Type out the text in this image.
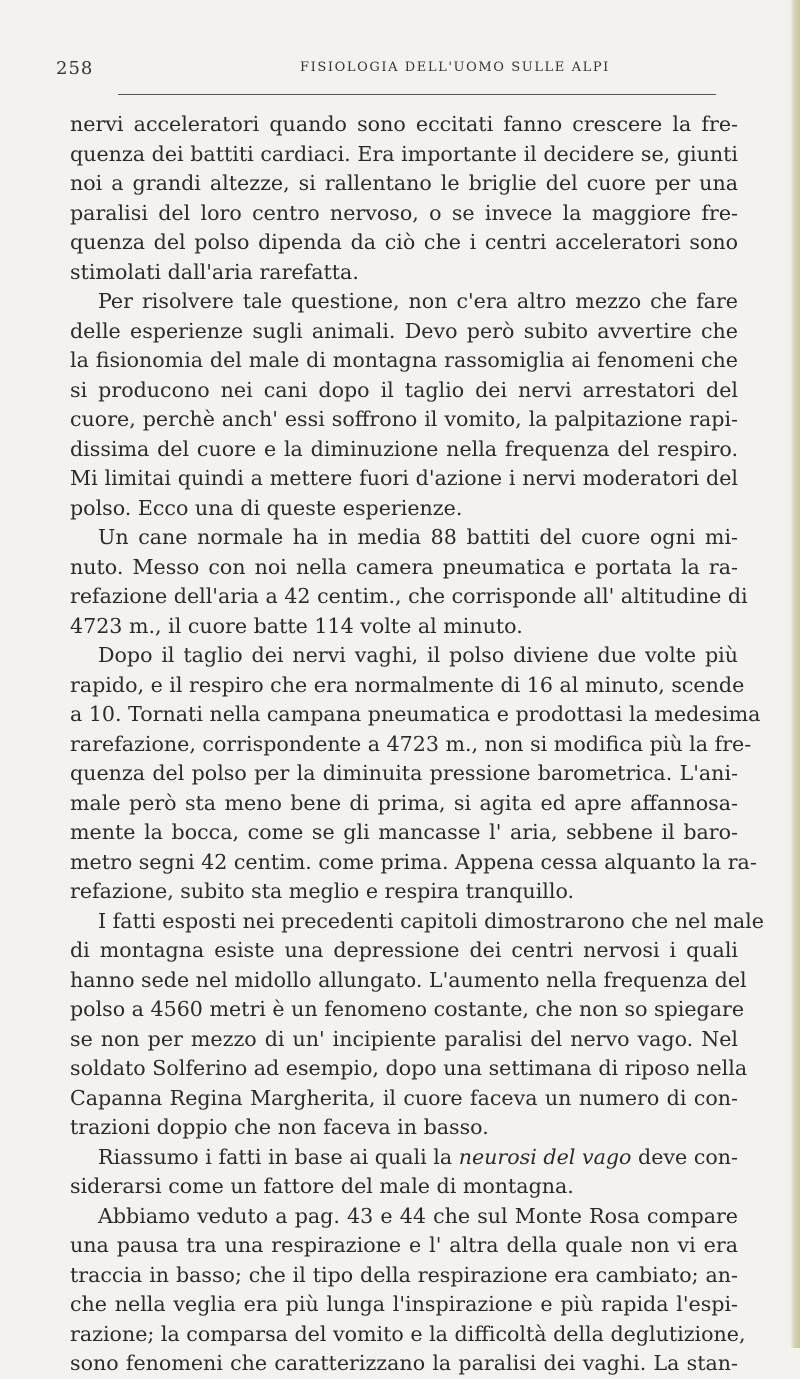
258	FISIOLOGIA DELL'UOMO SULLE ALPI
nervi acceleratori quando sono eccitati fanno crescere la fre-
quenza dei battiti cardiaci. Era importante il decidere se, giunti
noi a grandi altezze, si rallentano le briglie del cuore per una
paralisi del loro centro nervoso, o se invece la maggiore fre-
quenza del polso dipenda da ciò che i centri acceleratori sono
stimolati dall'aria rarefatta.
Per risolvere tale questione, non c'era altro mezzo che fare
delle esperienze sugli animali. Devo però subito avvertire che
la fisionomia del male di montagna rassomiglia ai fenomeni che
si producono nei cani dopo il taglio dei nervi arrestatori del
cuore, perchè anch' essi soffrono il vomito, la palpitazione rapi-
dissima del cuore e la diminuzione nella frequenza del respiro.
Mi limitai quindi a mettere fuori d'azione i nervi moderatori del
polso. Ecco una di queste esperienze.
Un cane normale ha in media 88 battiti del cuore ogni mi-
nuto. Messo con noi nella camera pneumatica e portata la ra-
refazione dell'aria a 42 centim., che corrisponde all' altitudine di
4723 m., il cuore batte 114 volte al minuto.
Dopo il taglio dei nervi vaghi, il polso diviene due volte più
rapido, e il respiro che era normalmente di 16 al minuto, scende
a 10. Tornati nella campana pneumatica e prodottasi la medesima
rarefazione, corrispondente a 4723 m., non si modifica più la fre-
quenza del polso per la diminuita pressione barometrica. L'ani-
male però sta meno bene di prima, si agita ed apre affannosa-
mente la bocca, come se gli mancasse l' aria, sebbene il baro-
metro segni 42 centim. come prima. Appena cessa alquanto la ra-
refazione, subito sta meglio e respira tranquillo.
I fatti esposti nei precedenti capitoli dimostrarono che nel male
di montagna esiste una depressione dei centri nervosi i quali
hanno sede nel midollo allungato. L'aumento nella frequenza del
polso a 4560 metri è un fenomeno costante, che non so spiegare
se non per mezzo di un' incipiente paralisi del nervo vago. Nel
soldato Solferino ad esempio, dopo una settimana di riposo nella
Capanna Regina Margherita, il cuore faceva un numero di con-
trazioni doppio che non faceva in basso.
Riassumo i fatti in base ai quali la neurosi del vago deve con-
siderarsi come un fattore del male di montagna.
Abbiamo veduto a pag. 43 e 44 che sul Monte Rosa compare
una pausa tra una respirazione e l' altra della quale non vi era
traccia in basso; che il tipo della respirazione era cambiato; an-
che nella veglia era più lunga l'inspirazione e più rapida l'espi-
razione; la comparsa del vomito e la difficoltà della deglutizione,
sono fenomeni che caratterizzano la paralisi dei vaghi. La stan-
